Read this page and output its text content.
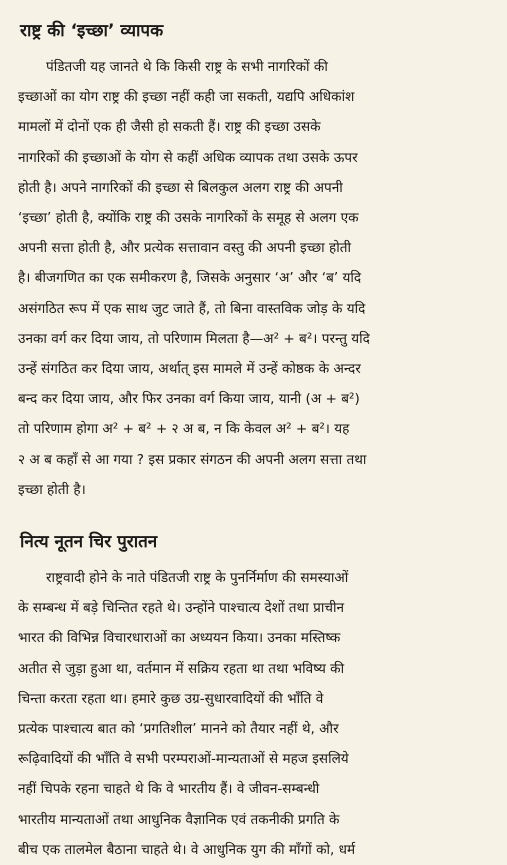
राष्ट्र की ‘इच्छा’ व्यापक
पंडितजी यह जानते थे कि किसी राष्ट्र के सभी नागरिकों की
इच्छाओं का योग राष्ट्र की इच्छा नहीं कही जा सकती, यद्यपि अधिकांश
मामलों में दोनों एक ही जैसी हो सकती हैं। राष्ट्र की इच्छा उसके
नागरिकों की इच्छाओं के योग से कहीं अधिक व्यापक तथा उसके ऊपर
होती है। अपने नागरिकों की इच्छा से बिलकुल अलग राष्ट्र की अपनी
‘इच्छा’ होती है, क्योंकि राष्ट्र की उसके नागरिकों के समूह से अलग एक
अपनी सत्ता होती है, और प्रत्येक सत्तावान वस्तु की अपनी इच्छा होती
है। बीजगणित का एक समीकरण है, जिसके अनुसार ‘अ’ और ‘ब’ यदि
असंगठित रूप में एक साथ जुट जाते हैं, तो बिना वास्तविक जोड़ के यदि
उनका वर्ग कर दिया जाय, तो परिणाम मिलता है—अ² + ब²। परन्तु यदि
उन्हें संगठित कर दिया जाय, अर्थात् इस मामले में उन्हें कोष्ठक के अन्दर
बन्द कर दिया जाय, और फिर उनका वर्ग किया जाय, यानी (अ + ब²)
तो परिणाम होगा अ² + ब² + २ अ ब, न कि केवल अ² + ब²। यह
२ अ ब कहाँ से आ गया ? इस प्रकार संगठन की अपनी अलग सत्ता तथा
इच्छा होती है।
नित्य नूतन चिर पुरातन
राष्ट्रवादी होने के नाते पंडितजी राष्ट्र के पुनर्निर्माण की समस्याओं
के सम्बन्ध में बड़े चिन्तित रहते थे। उन्होंने पाश्चात्य देशों तथा प्राचीन
भारत की विभिन्न विचारधाराओं का अध्ययन किया। उनका मस्तिष्क
अतीत से जुड़ा हुआ था, वर्तमान में सक्रिय रहता था तथा भविष्य की
चिन्ता करता रहता था। हमारे कुछ उग्र-सुधारवादियों की भाँति वे
प्रत्येक पाश्चात्य बात को ‘प्रगतिशील’ मानने को तैयार नहीं थे, और
रूढ़िवादियों की भाँति वे सभी परम्पराओं-मान्यताओं से महज इसलिये
नहीं चिपके रहना चाहते थे कि वे भारतीय हैं। वे जीवन-सम्बन्धी
भारतीय मान्यताओं तथा आधुनिक वैज्ञानिक एवं तकनीकी प्रगति के
बीच एक तालमेल बैठाना चाहते थे। वे आधुनिक युग की माँगों को, धर्म
